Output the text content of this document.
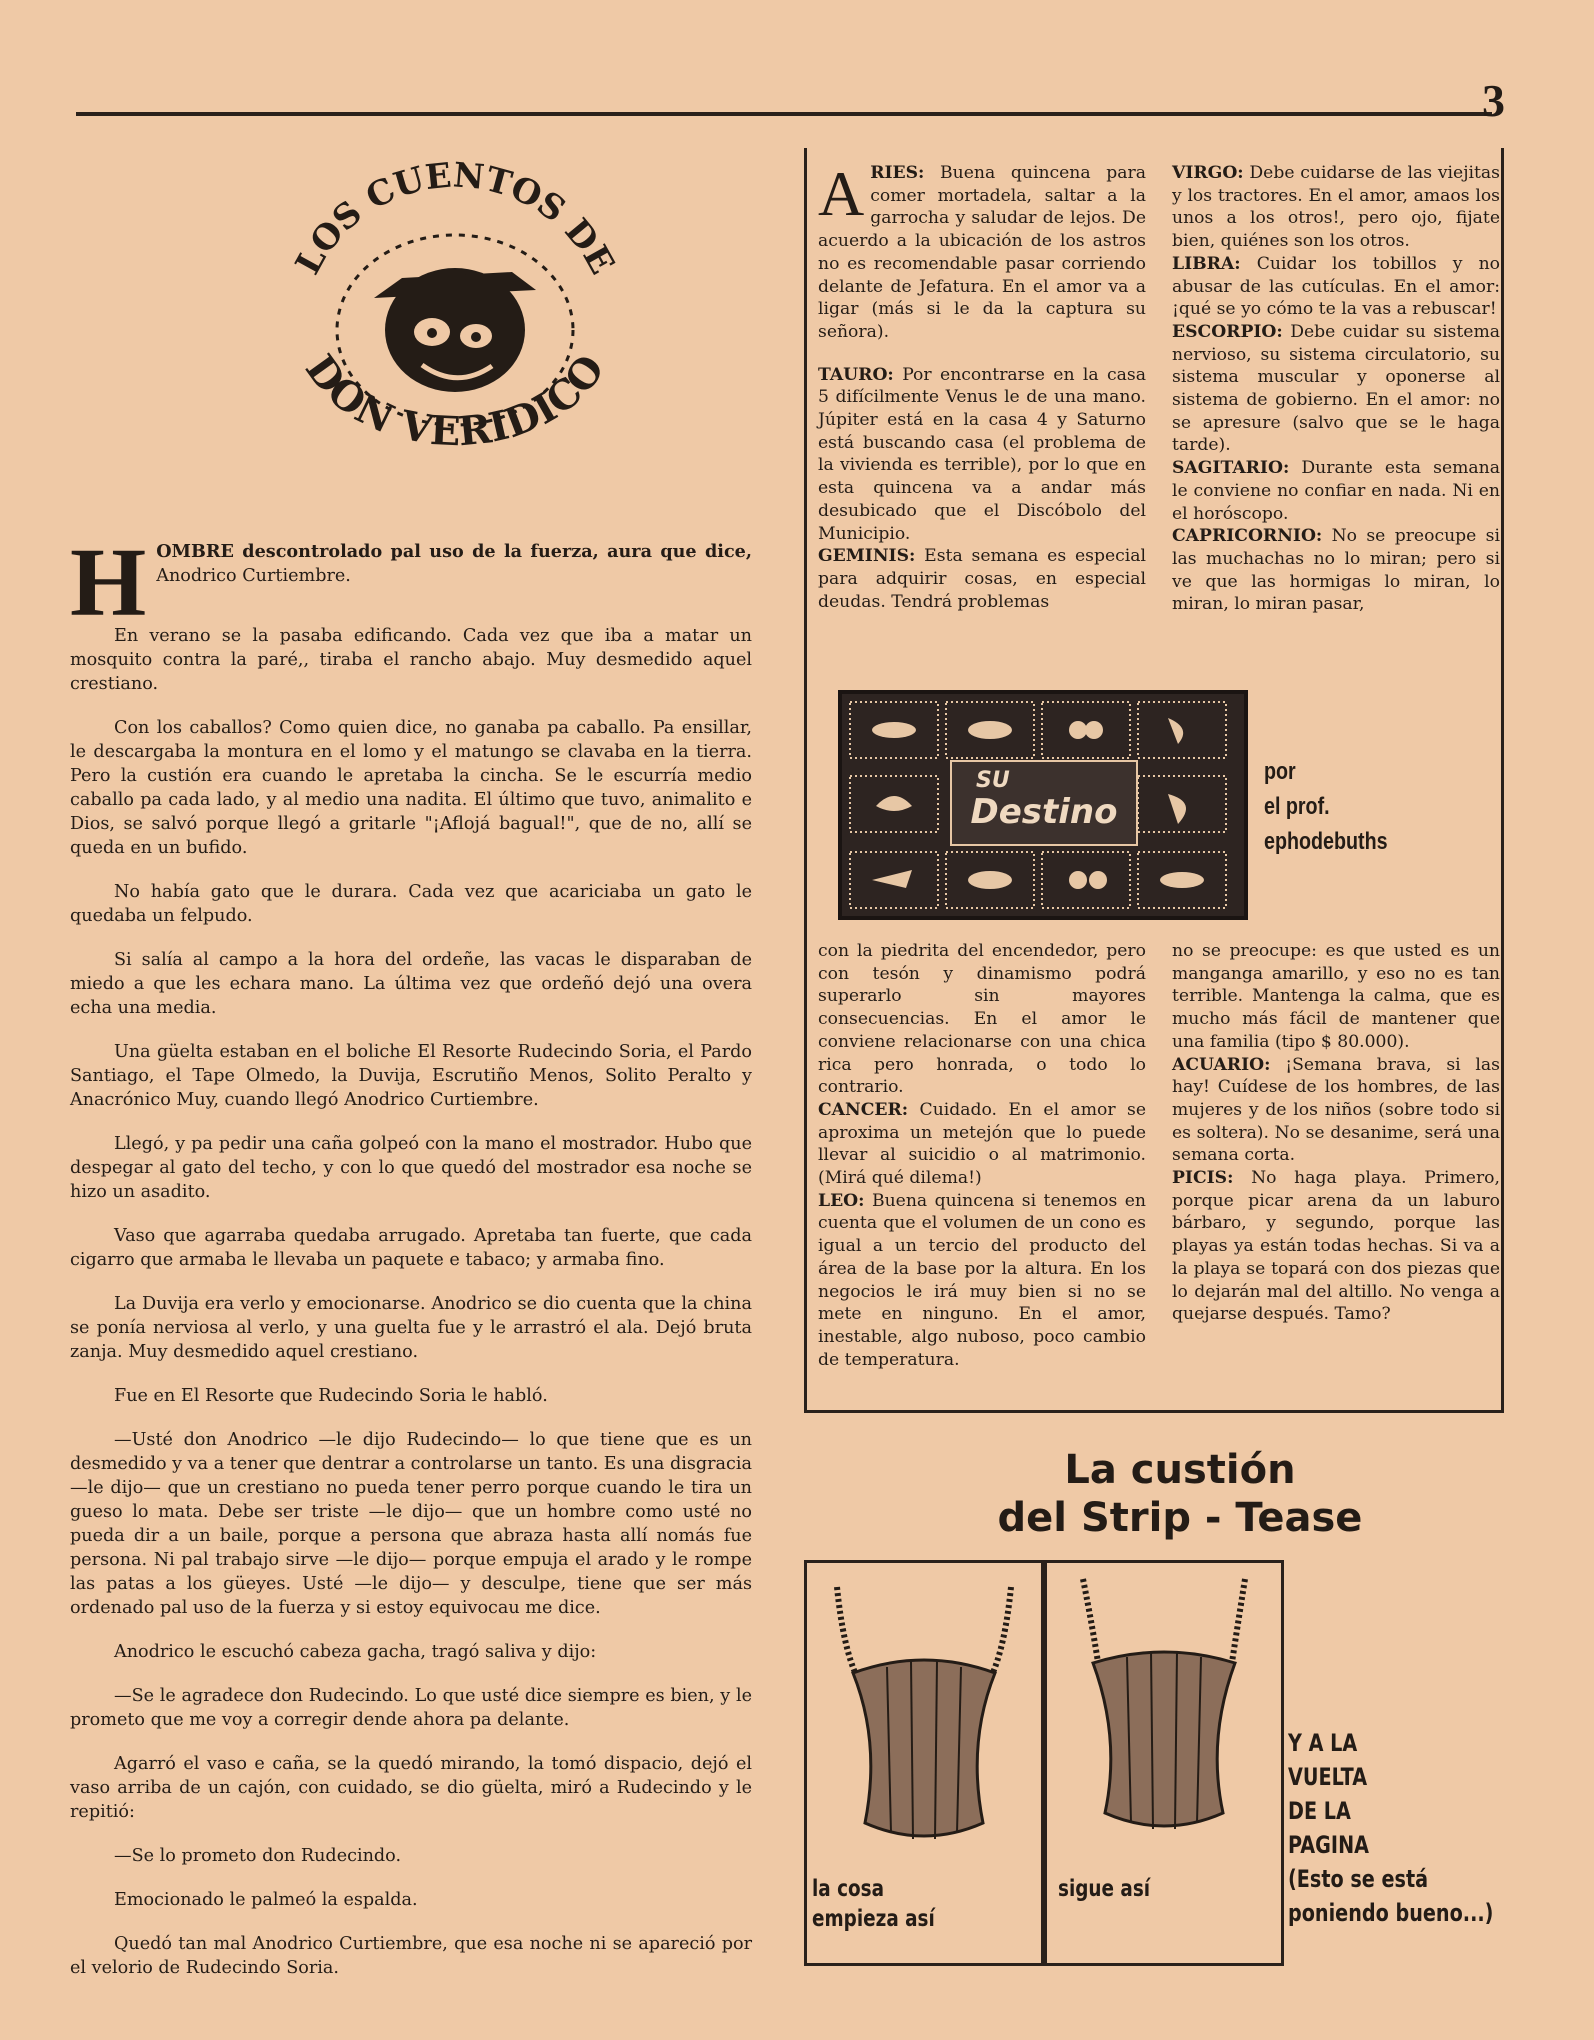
3
LOS CUENTOS DE
DON VERIDICO

HOMBRE descontrolado pal uso de la fuerza, aura que dice, Anodrico Curtiembre.

En verano se la pasaba edificando. Cada vez que iba a matar un mosquito contra la paré,, tiraba el rancho abajo. Muy desmedido aquel crestiano.

Con los caballos? Como quien dice, no ganaba pa caballo. Pa ensillar, le descargaba la montura en el lomo y el matungo se clavaba en la tierra. Pero la custión era cuando le apretaba la cincha. Se le escurría medio caballo pa cada lado, y al medio una nadita. El último que tuvo, animalito e Dios, se salvó porque llegó a gritarle "¡Aflojá bagual!", que de no, allí se queda en un bufido.

No había gato que le durara. Cada vez que acariciaba un gato le quedaba un felpudo.

Si salía al campo a la hora del ordeñe, las vacas le disparaban de miedo a que les echara mano. La última vez que ordeñó dejó una overa echa una media.

Una güelta estaban en el boliche El Resorte Rudecindo Soria, el Pardo Santiago, el Tape Olmedo, la Duvija, Escrutiño Menos, Solito Peralto y Anacrónico Muy, cuando llegó Anodrico Curtiembre.

Llegó, y pa pedir una caña golpeó con la mano el mostrador. Hubo que despegar al gato del techo, y con lo que quedó del mostrador esa noche se hizo un asadito.

Vaso que agarraba quedaba arrugado. Apretaba tan fuerte, que cada cigarro que armaba le llevaba un paquete e tabaco; y armaba fino.

La Duvija era verlo y emocionarse. Anodrico se dio cuenta que la china se ponía nerviosa al verlo, y una guelta fue y le arrastró el ala. Dejó bruta zanja. Muy desmedido aquel crestiano.

Fue en El Resorte que Rudecindo Soria le habló.

—Usté don Anodrico —le dijo Rudecindo— lo que tiene que es un desmedido y va a tener que dentrar a controlarse un tanto. Es una disgracia —le dijo— que un crestiano no pueda tener perro porque cuando le tira un gueso lo mata. Debe ser triste —le dijo— que un hombre como usté no pueda dir a un baile, porque a persona que abraza hasta allí nomás fue persona. Ni pal trabajo sirve —le dijo— porque empuja el arado y le rompe las patas a los güeyes. Usté —le dijo— y desculpe, tiene que ser más ordenado pal uso de la fuerza y si estoy equivocau me dice.

Anodrico le escuchó cabeza gacha, tragó saliva y dijo:

—Se le agradece don Rudecindo. Lo que usté dice siempre es bien, y le prometo que me voy a corregir dende ahora pa delante.

Agarró el vaso e caña, se la quedó mirando, la tomó dispacio, dejó el vaso arriba de un cajón, con cuidado, se dio güelta, miró a Rudecindo y le repitió:

—Se lo prometo don Rudecindo.

Emocionado le palmeó la espalda.

Quedó tan mal Anodrico Curtiembre, que esa noche ni se apareció por el velorio de Rudecindo Soria.

ARIES: Buena quincena para comer mortadela, saltar a la garrocha y saludar de lejos. De acuerdo a la ubicación de los astros no es recomendable pasar corriendo delante de Jefatura. En el amor va a ligar (más si le da la captura su señora).

TAURO: Por encontrarse en la casa 5 difícilmente Venus le de una mano. Júpiter está en la casa 4 y Saturno está buscando casa (el problema de la vivienda es terrible), por lo que en esta quincena va a andar más desubicado que el Discóbolo del Municipio.

GEMINIS: Esta semana es especial para adquirir cosas, en especial deudas. Tendrá problemas

VIRGO: Debe cuidarse de las viejitas y los tractores. En el amor, amaos los unos a los otros!, pero ojo, fijate bien, quiénes son los otros.

LIBRA: Cuidar los tobillos y no abusar de las cutículas. En el amor: ¡qué se yo cómo te la vas a rebuscar!

ESCORPIO: Debe cuidar su sistema nervioso, su sistema circulatorio, su sistema muscular y oponerse al sistema de gobierno. En el amor: no se apresure (salvo que se le haga tarde).

SAGITARIO: Durante esta semana le conviene no confiar en nada. Ni en el horóscopo.

CAPRICORNIO: No se preocupe si las muchachas no lo miran; pero si ve que las hormigas lo miran, lo miran, lo miran pasar,

SU
Destino
por
el prof.
ephodebuths

con la piedrita del encendedor, pero con tesón y dinamismo podrá superarlo sin mayores consecuencias. En el amor le conviene relacionarse con una chica rica pero honrada, o todo lo contrario.

CANCER: Cuidado. En el amor se aproxima un metejón que lo puede llevar al suicidio o al matrimonio. (Mirá qué dilema!)

LEO: Buena quincena si tenemos en cuenta que el volumen de un cono es igual a un tercio del producto del área de la base por la altura. En los negocios le irá muy bien si no se mete en ninguno. En el amor, inestable, algo nuboso, poco cambio de temperatura.

no se preocupe: es que usted es un manganga amarillo, y eso no es tan terrible. Mantenga la calma, que es mucho más fácil de mantener que una familia (tipo $ 80.000).

ACUARIO: ¡Semana brava, si las hay! Cuídese de los hombres, de las mujeres y de los niños (sobre todo si es soltera). No se desanime, será una semana corta.

PICIS: No haga playa. Primero, porque picar arena da un laburo bárbaro, y segundo, porque las playas ya están todas hechas. Si va a la playa se topará con dos piezas que lo dejarán mal del altillo. No venga a quejarse después. Tamo?

La custión
del Strip - Tease
la cosa
empieza así
sigue así
Y A LA
VUELTA
DE LA
PAGINA
(Esto se está
poniendo bueno...)
